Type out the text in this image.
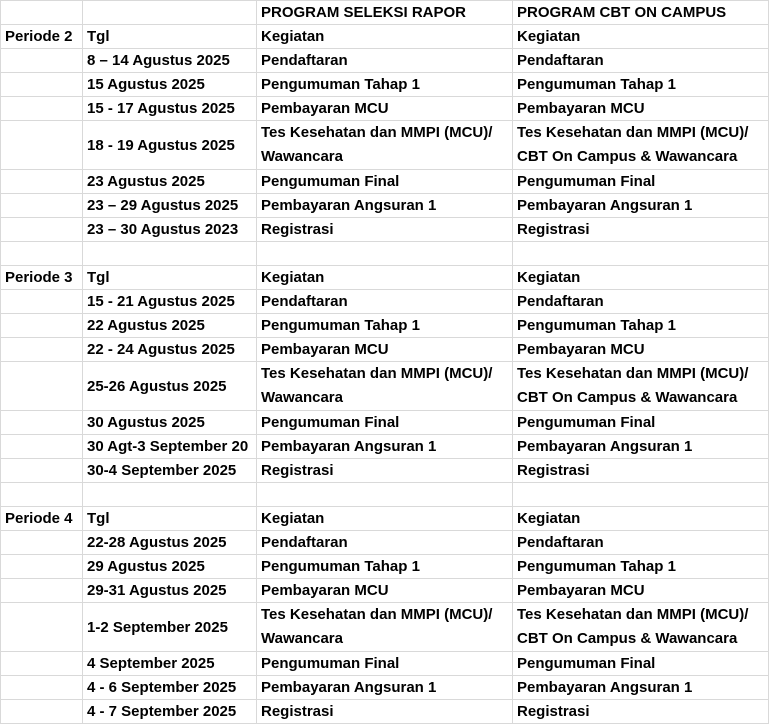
		PROGRAM SELEKSI RAPOR	PROGRAM CBT ON CAMPUS
Periode 2	Tgl	Kegiatan	Kegiatan
	8 – 14 Agustus 2025	Pendaftaran	Pendaftaran
	15 Agustus 2025	Pengumuman Tahap 1	Pengumuman Tahap 1
	15 - 17 Agustus 2025	Pembayaran MCU	Pembayaran MCU
	18 - 19 Agustus 2025	Tes Kesehatan dan MMPI (MCU)/ Wawancara	Tes Kesehatan dan MMPI (MCU)/ CBT On Campus & Wawancara
	23 Agustus 2025	Pengumuman Final	Pengumuman Final
	23 – 29 Agustus 2025	Pembayaran Angsuran 1	Pembayaran Angsuran 1
	23 – 30 Agustus 2023	Registrasi	Registrasi

Periode 3	Tgl	Kegiatan	Kegiatan
	15 - 21 Agustus 2025	Pendaftaran	Pendaftaran
	22 Agustus 2025	Pengumuman Tahap 1	Pengumuman Tahap 1
	22 - 24 Agustus 2025	Pembayaran MCU	Pembayaran MCU
	25-26 Agustus 2025	Tes Kesehatan dan MMPI (MCU)/ Wawancara	Tes Kesehatan dan MMPI (MCU)/ CBT On Campus & Wawancara
	30 Agustus 2025	Pengumuman Final	Pengumuman Final
	30 Agt-3 September 20	Pembayaran Angsuran 1	Pembayaran Angsuran 1
	30-4 September 2025	Registrasi	Registrasi

Periode 4	Tgl	Kegiatan	Kegiatan
	22-28 Agustus 2025	Pendaftaran	Pendaftaran
	29 Agustus 2025	Pengumuman Tahap 1	Pengumuman Tahap 1
	29-31 Agustus 2025	Pembayaran MCU	Pembayaran MCU
	1-2 September 2025	Tes Kesehatan dan MMPI (MCU)/ Wawancara	Tes Kesehatan dan MMPI (MCU)/ CBT On Campus & Wawancara
	4 September 2025	Pengumuman Final	Pengumuman Final
	4 - 6 September 2025	Pembayaran Angsuran 1	Pembayaran Angsuran 1
	4 - 7 September 2025	Registrasi	Registrasi
